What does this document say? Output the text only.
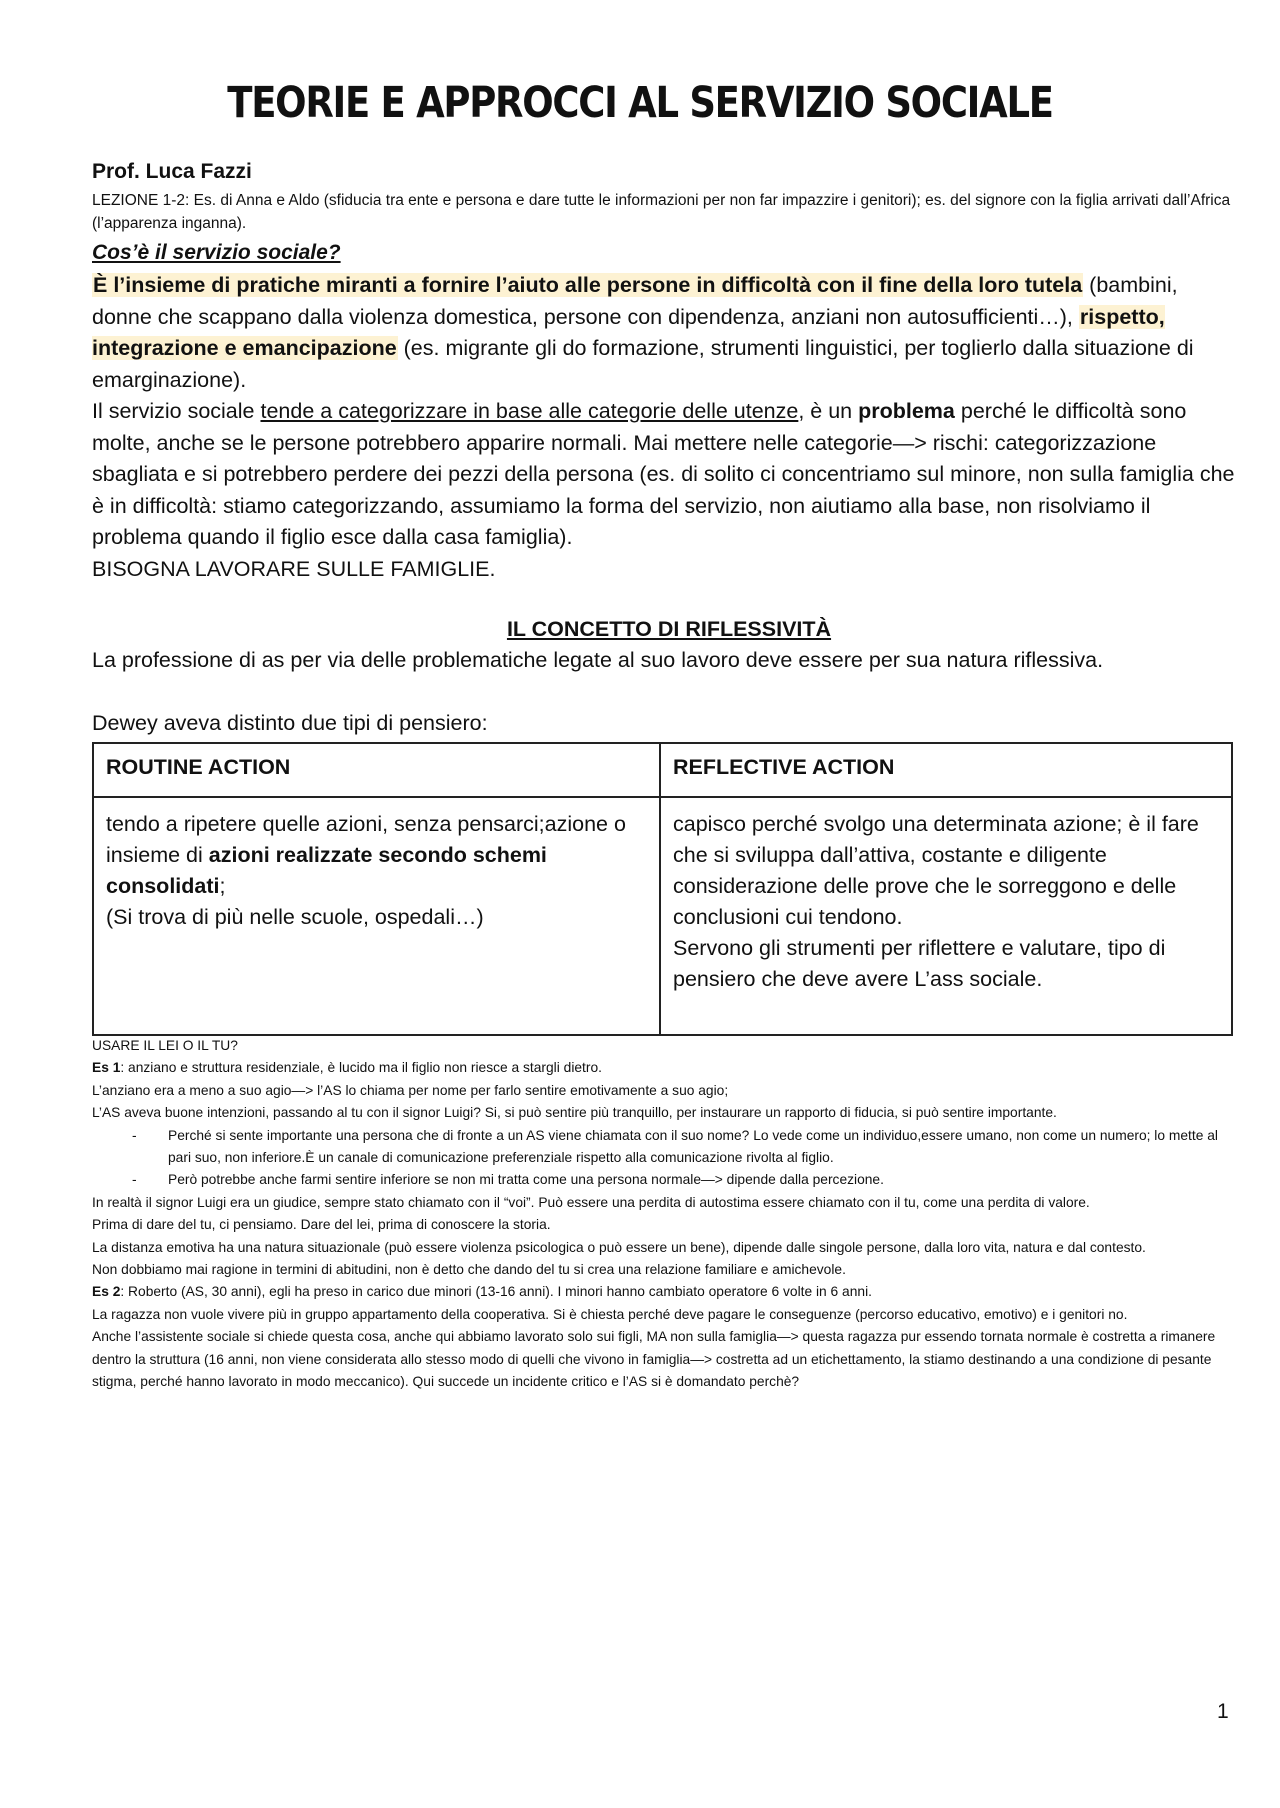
TEORIE E APPROCCI AL SERVIZIO SOCIALE

Prof. Luca Fazzi

LEZIONE 1-2: Es. di Anna e Aldo (sfiducia tra ente e persona e dare tutte le informazioni per non far impazzire i genitori); es. del signore con la figlia arrivati dall’Africa (l’apparenza inganna).

Cos’è il servizio sociale?

È l’insieme di pratiche miranti a fornire l’aiuto alle persone in difficoltà con il fine della loro tutela (bambini, donne che scappano dalla violenza domestica, persone con dipendenza, anziani non autosufficienti…), rispetto, integrazione e emancipazione (es. migrante gli do formazione, strumenti linguistici, per toglierlo dalla situazione di emarginazione).

Il servizio sociale tende a categorizzare in base alle categorie delle utenze, è un problema perché le difficoltà sono molte, anche se le persone potrebbero apparire normali. Mai mettere nelle categorie—> rischi: categorizzazione sbagliata e si potrebbero perdere dei pezzi della persona (es. di solito ci concentriamo sul minore, non sulla famiglia che è in difficoltà: stiamo categorizzando, assumiamo la forma del servizio, non aiutiamo alla base, non risolviamo il problema quando il figlio esce dalla casa famiglia).

BISOGNA LAVORARE SULLE FAMIGLIE.

IL CONCETTO DI RIFLESSIVITÀ

La professione di as per via delle problematiche legate al suo lavoro deve essere per sua natura riflessiva.

Dewey aveva distinto due tipi di pensiero:

ROUTINE ACTION	REFLECTIVE ACTION
tendo a ripetere quelle azioni, senza pensarci;azione o insieme di azioni realizzate secondo schemi consolidati;
(Si trova di più nelle scuole, ospedali…)	capisco perché svolgo una determinata azione; è il fare che si sviluppa dall’attiva, costante e diligente considerazione delle prove che le sorreggono e delle conclusioni cui tendono.
Servono gli strumenti per riflettere e valutare, tipo di pensiero che deve avere L’ass sociale.

USARE IL LEI O IL TU?

Es 1: anziano e struttura residenziale, è lucido ma il figlio non riesce a stargli dietro.

L’anziano era a meno a suo agio—> l’AS lo chiama per nome per farlo sentire emotivamente a suo agio;

L’AS aveva buone intenzioni, passando al tu con il signor Luigi? Si, si può sentire più tranquillo, per instaurare un rapporto di fiducia, si può sentire importante.

- Perché si sente importante una persona che di fronte a un AS viene chiamata con il suo nome? Lo vede come un individuo,essere umano, non come un numero; lo mette al pari suo, non inferiore.È un canale di comunicazione preferenziale rispetto alla comunicazione rivolta al figlio.
- Però potrebbe anche farmi sentire inferiore se non mi tratta come una persona normale—> dipende dalla percezione.

In realtà il signor Luigi era un giudice, sempre stato chiamato con il “voi”. Può essere una perdita di autostima essere chiamato con il tu, come una perdita di valore.

Prima di dare del tu, ci pensiamo. Dare del lei, prima di conoscere la storia.

La distanza emotiva ha una natura situazionale (può essere violenza psicologica o può essere un bene), dipende dalle singole persone, dalla loro vita, natura e dal contesto.

Non dobbiamo mai ragione in termini di abitudini, non è detto che dando del tu si crea una relazione familiare e amichevole.

Es 2: Roberto (AS, 30 anni), egli ha preso in carico due minori (13-16 anni). I minori hanno cambiato operatore 6 volte in 6 anni.

La ragazza non vuole vivere più in gruppo appartamento della cooperativa. Si è chiesta perché deve pagare le conseguenze (percorso educativo, emotivo) e i genitori no.

Anche l’assistente sociale si chiede questa cosa, anche qui abbiamo lavorato solo sui figli, MA non sulla famiglia—> questa ragazza pur essendo tornata normale è costretta a rimanere dentro la struttura (16 anni, non viene considerata allo stesso modo di quelli che vivono in famiglia—> costretta ad un etichettamento, la stiamo destinando a una condizione di pesante stigma, perché hanno lavorato in modo meccanico). Qui succede un incidente critico e l’AS si è domandato perchè?

1
